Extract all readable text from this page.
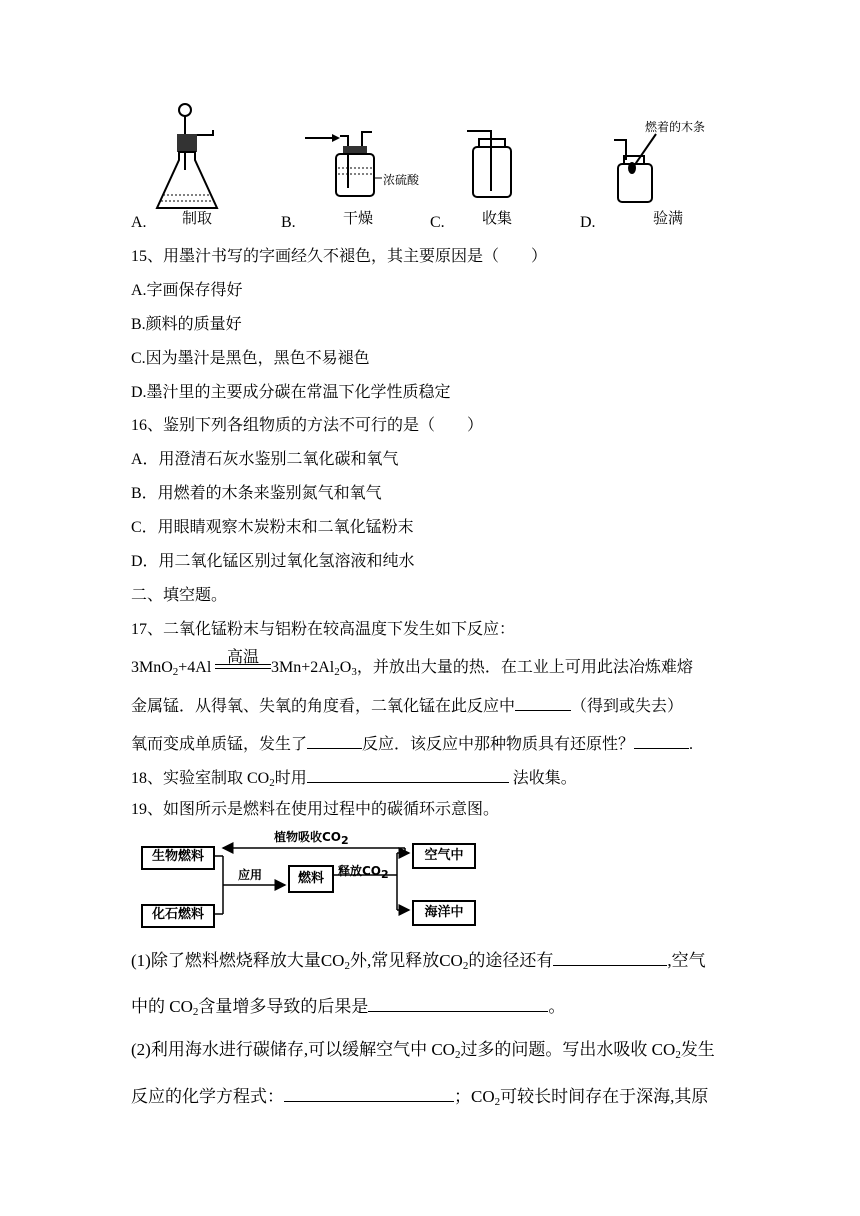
A. 制取
浓硫酸
B.	干燥	C. 收集
燃着的木条
D.	验满
15、用墨汁书写的字画经久不褪色，其主要原因是（　　）
A.字画保存得好
B.颜料的质量好
C.因为墨汁是黑色，黑色不易褪色
D.墨汁里的主要成分碳在常温下化学性质稳定
16、鉴别下列各组物质的方法不可行的是（　　）
A．用澄清石灰水鉴别二氧化碳和氧气
B．用燃着的木条来鉴别氮气和氧气
C．用眼睛观察木炭粉末和二氧化锰粉末
D．用二氧化锰区别过氧化氢溶液和纯水
二、填空题。
17、二氧化锰粉末与铝粉在较高温度下发生如下反应：
高温
3MnO$_2$+4Al	$3Mn+2Al_2O_3$，并放出大量的热．在工业上可用此法冶炼难熔
金属锰．从得氧、失氧的角度看，二氧化锰在此反应中	（得到或失去）
氧而变成单质锰，发生了	反应．该反应中那种物质具有还原性？	.
18、实验室制取 $CO_2$时用	法收集。
19、如图所示是燃料在使用过程中的碳循环示意图。
生物燃料
化石燃料
燃料
空气中
海洋中
植物吸收$CO_2$
应用	释放$CO_2$
(1)除了燃料燃烧释放大量$CO_2$外,常见释放$CO_2$的途径还有	,空气
中的 $CO_2$含量增多导致的后果是	。
(2)利用海水进行碳储存,可以缓解空气中 $CO_2$过多的问题。写出水吸收 $CO_2$发生
反应的化学方程式：	；$CO_2$可较长时间存在于深海,其原
